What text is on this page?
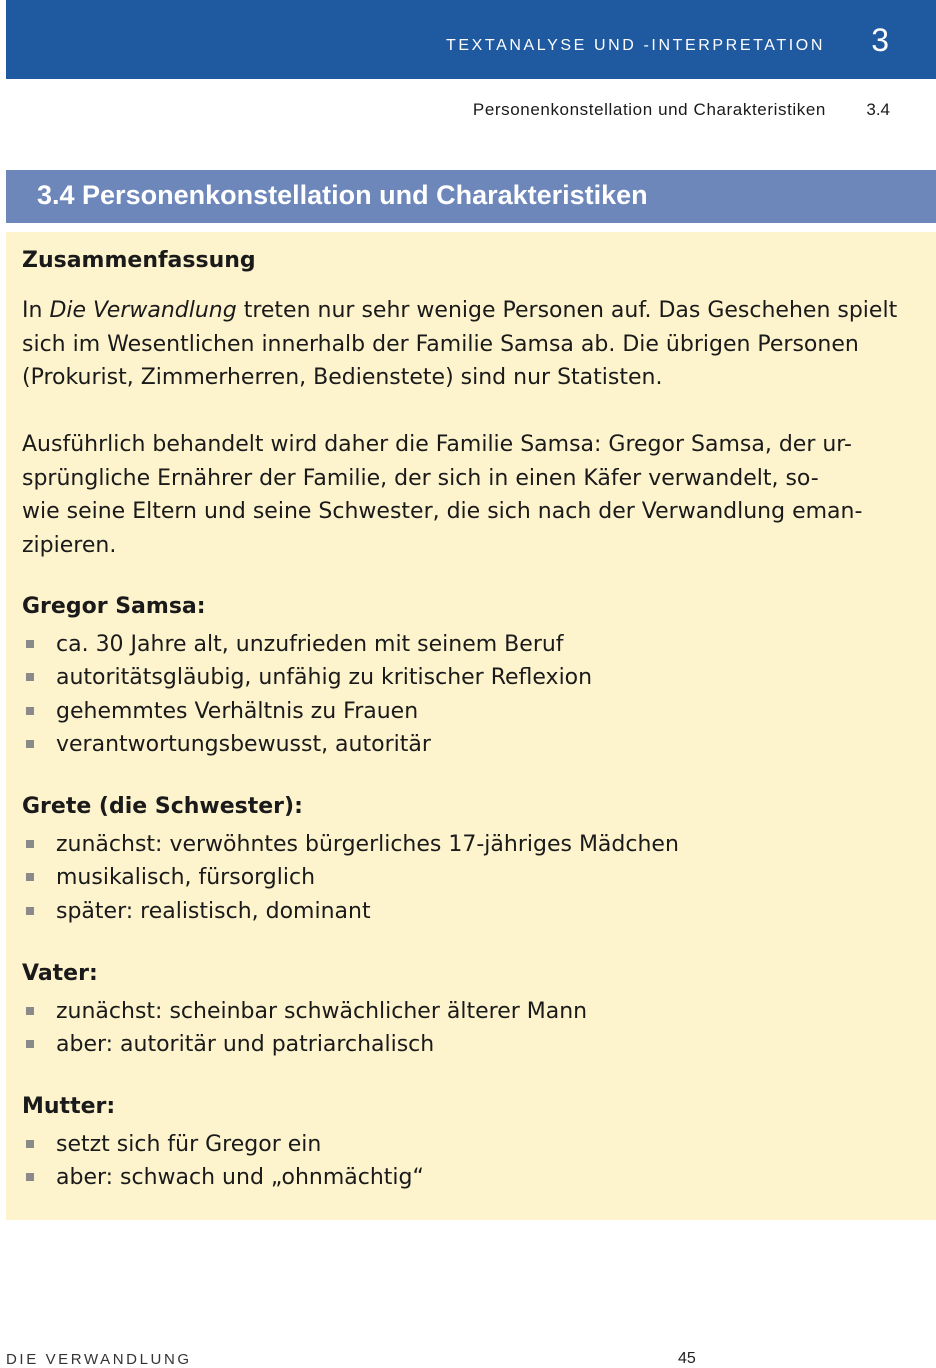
TEXTANALYSE UND -INTERPRETATION 3
Personenkonstellation und Charakteristiken 3.4
3.4 Personenkonstellation und Charakteristiken
Zusammenfassung
In Die Verwandlung treten nur sehr wenige Personen auf. Das Geschehen spielt
sich im Wesentlichen innerhalb der Familie Samsa ab. Die übrigen Personen
(Prokurist, Zimmerherren, Bedienstete) sind nur Statisten.
Ausführlich behandelt wird daher die Familie Samsa: Gregor Samsa, der ur-
sprüngliche Ernährer der Familie, der sich in einen Käfer verwandelt, so-
wie seine Eltern und seine Schwester, die sich nach der Verwandlung eman-
zipieren.
Gregor Samsa:
ca. 30 Jahre alt, unzufrieden mit seinem Beruf
autoritätsgläubig, unfähig zu kritischer Reflexion
gehemmtes Verhältnis zu Frauen
verantwortungsbewusst, autoritär
Grete (die Schwester):
zunächst: verwöhntes bürgerliches 17-jähriges Mädchen
musikalisch, fürsorglich
später: realistisch, dominant
Vater:
zunächst: scheinbar schwächlicher älterer Mann
aber: autoritär und patriarchalisch
Mutter:
setzt sich für Gregor ein
aber: schwach und „ohnmächtig“
DIE VERWANDLUNG	45
